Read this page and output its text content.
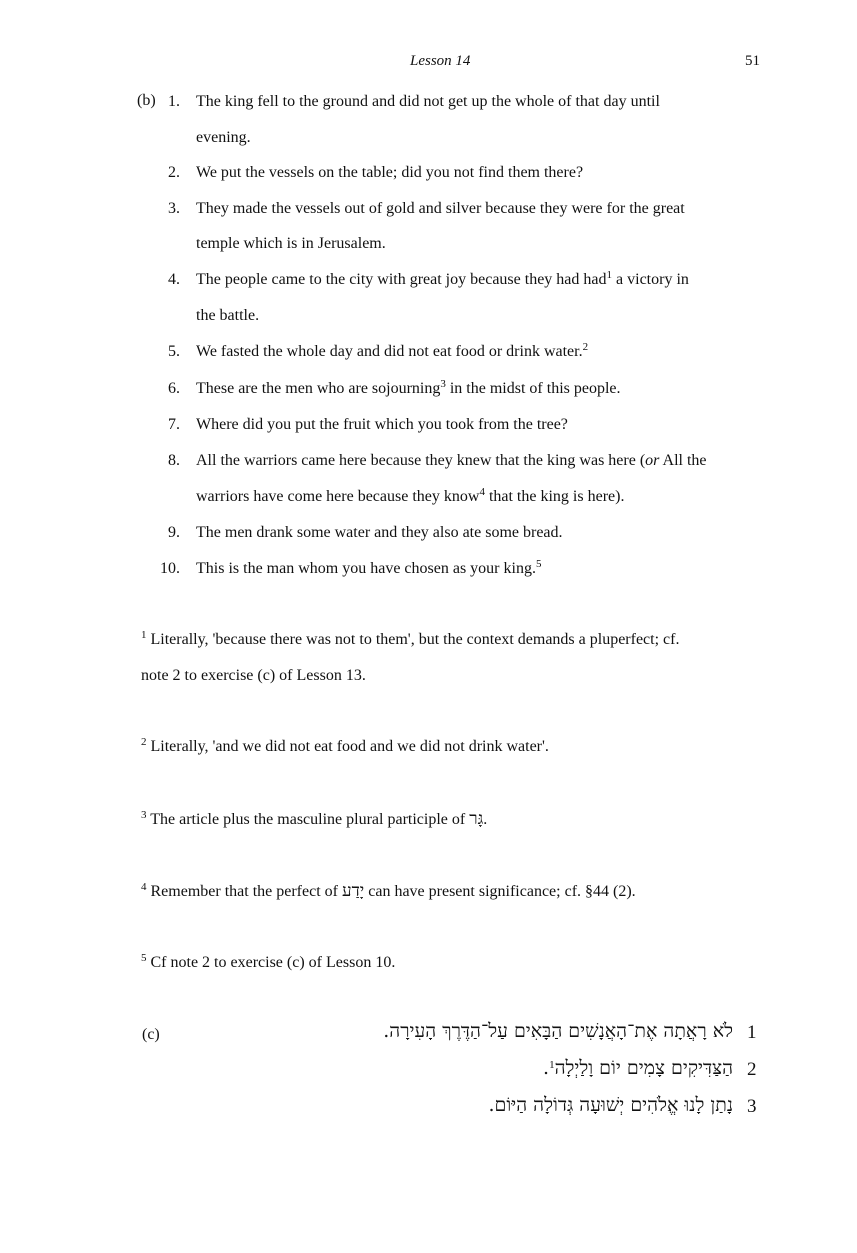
Lesson 14	51
(b) 1. The king fell to the ground and did not get up the whole of that day until
evening.
2. We put the vessels on the table; did you not find them there?
3. They made the vessels out of gold and silver because they were for the great
temple which is in Jerusalem.
4. The people came to the city with great joy because they had had$^1$ a victory in
the battle.
5. We fasted the whole day and did not eat food or drink water.$^2$
6. These are the men who are sojourning$^3$ in the midst of this people.
7. Where did you put the fruit which you took from the tree?
8. All the warriors came here because they knew that the king was here (or All the
warriors have come here because they know$^4$ that the king is here).
9. The men drank some water and they also ate some bread.
10. This is the man whom you have chosen as your king.$^5$
$^1$ Literally, 'because there was not to them', but the context demands a pluperfect; cf.
note 2 to exercise (c) of Lesson 13.
$^2$ Literally, 'and we did not eat food and we did not drink water'.
$^3$ The article plus the masculine plural participle of גָּר.
$^4$ Remember that the perfect of יָדַע can have present significance; cf. §44 (2).
$^5$ Cf note 2 to exercise (c) of Lesson 10.
(c)	1
לֹא רָאֲתָה אֶת־הָאֲנָשִׁים הַבָּאִים עַל־הַדֶּרֶךְ הָעִירָה.
2
הַצַּדִּיקִים צָמִים יוֹם וָלַיְלָה$^1$.
3
נָתַן לָנוּ אֱלֹהִים יְשׁוּעָה גְּדוֹלָה הַיּוֹם.
